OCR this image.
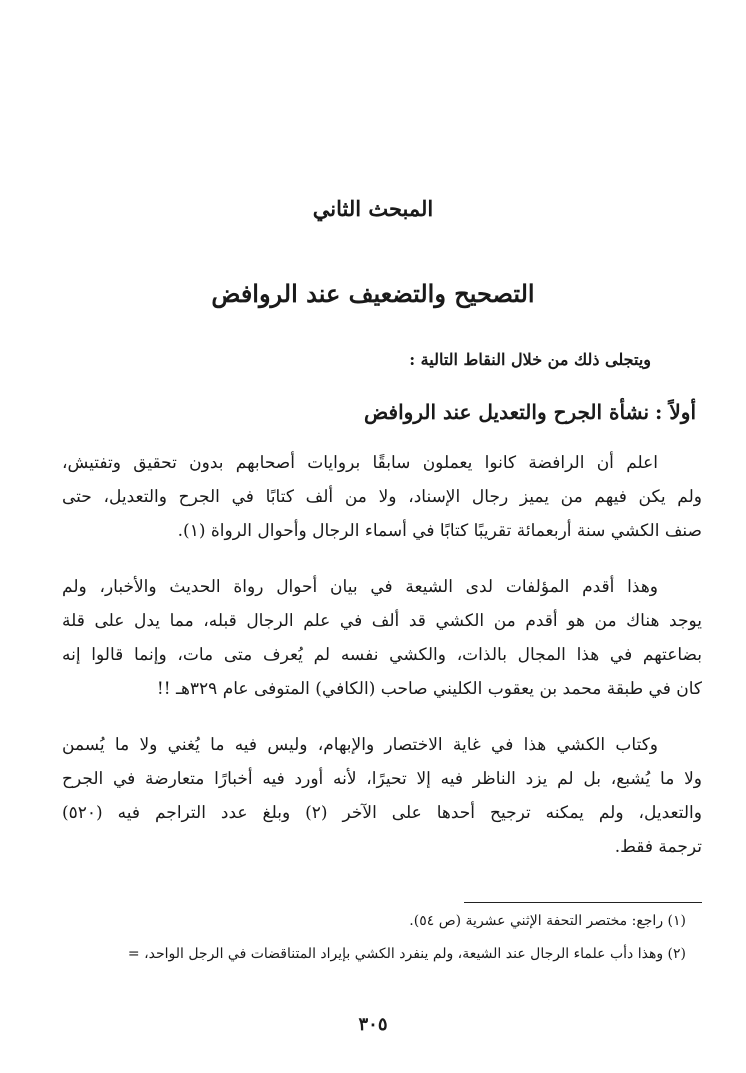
المبحث الثاني
التصحيح والتضعيف عند الروافض

ويتجلى ذلك من خلال النقاط التالية :

أولاً :نشأة الجرح والتعديل عند الروافض

اعلم أن الرافضة كانوا يعملون سابقًا بروايات أصحابهم بدون تحقيق وتفتيش،
ولم يكن فيهم من يميز رجال الإسناد، ولا من ألف كتابًا في الجرح والتعديل، حتى
صنف الكشي سنة أربعمائة تقريبًا كتابًا في أسماء الرجال وأحوال الرواة (١).

وهذا أقدم المؤلفات لدى الشيعة في بيان أحوال رواة الحديث والأخبار، ولم
يوجد هناك من هو أقدم من الكشي قد ألف في علم الرجال قبله، مما يدل على قلة
بضاعتهم في هذا المجال بالذات، والكشي نفسه لم يُعرف متى مات، وإنما قالوا إنه
كان في طبقة محمد بن يعقوب الكليني صاحب (الكافي) المتوفى عام ٣٢٩هـ !!

وكتاب الكشي هذا في غاية الاختصار والإبهام، وليس فيه ما يُغني ولا ما يُسمن
ولا ما يُشبع، بل لم يزد الناظر فيه إلا تحيرًا، لأنه أورد فيه أخبارًا متعارضة في الجرح
والتعديل، ولم يمكنه ترجيح أحدها على الآخر (٢) وبلغ عدد التراجم فيه (٥٢٠)
ترجمة فقط.

(١) راجع: مختصر التحفة الإثني عشرية (ص ٥٤).

(٢) وهذا دأب علماء الرجال عند الشيعة، ولم ينفرد الكشي بإيراد المتناقضات في الرجل الواحد، =

٣٠٥
